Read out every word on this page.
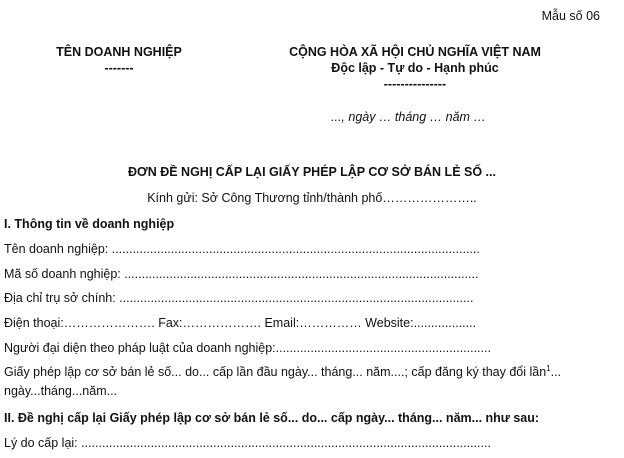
Mẫu số 06
TÊN DOANH NGHIỆP
-------
CỘNG HÒA XÃ HỘI CHỦ NGHĨA VIỆT NAM
Độc lập - Tự do - Hạnh phúc
---------------
..., ngày … tháng … năm …
ĐƠN ĐỀ NGHỊ CẤP LẠI GIẤY PHÉP LẬP CƠ SỞ BÁN LẺ SỐ ...
Kính gửi: Sở Công Thương tỉnh/thành phố…………………..
I. Thông tin về doanh nghiệp
Tên doanh nghiệp: ..........................................................................................................
Mã số doanh nghiệp: ......................................................................................................
Địa chỉ trụ sở chính: ......................................................................................................
Điện thoại:…………………. Fax:………………. Email:…………… Website:..................
Người đại diện theo pháp luật của doanh nghiệp:..............................................................
Giấy phép lập cơ sở bán lẻ số... do... cấp lần đầu ngày... tháng... năm....; cấp đăng ký thay đổi lần$^1$... ngày...tháng...năm...
II. Đề nghị cấp lại Giấy phép lập cơ sở bán lẻ số... do... cấp ngày... tháng... năm... như sau:
Lý do cấp lại: ......................................................................................................................
